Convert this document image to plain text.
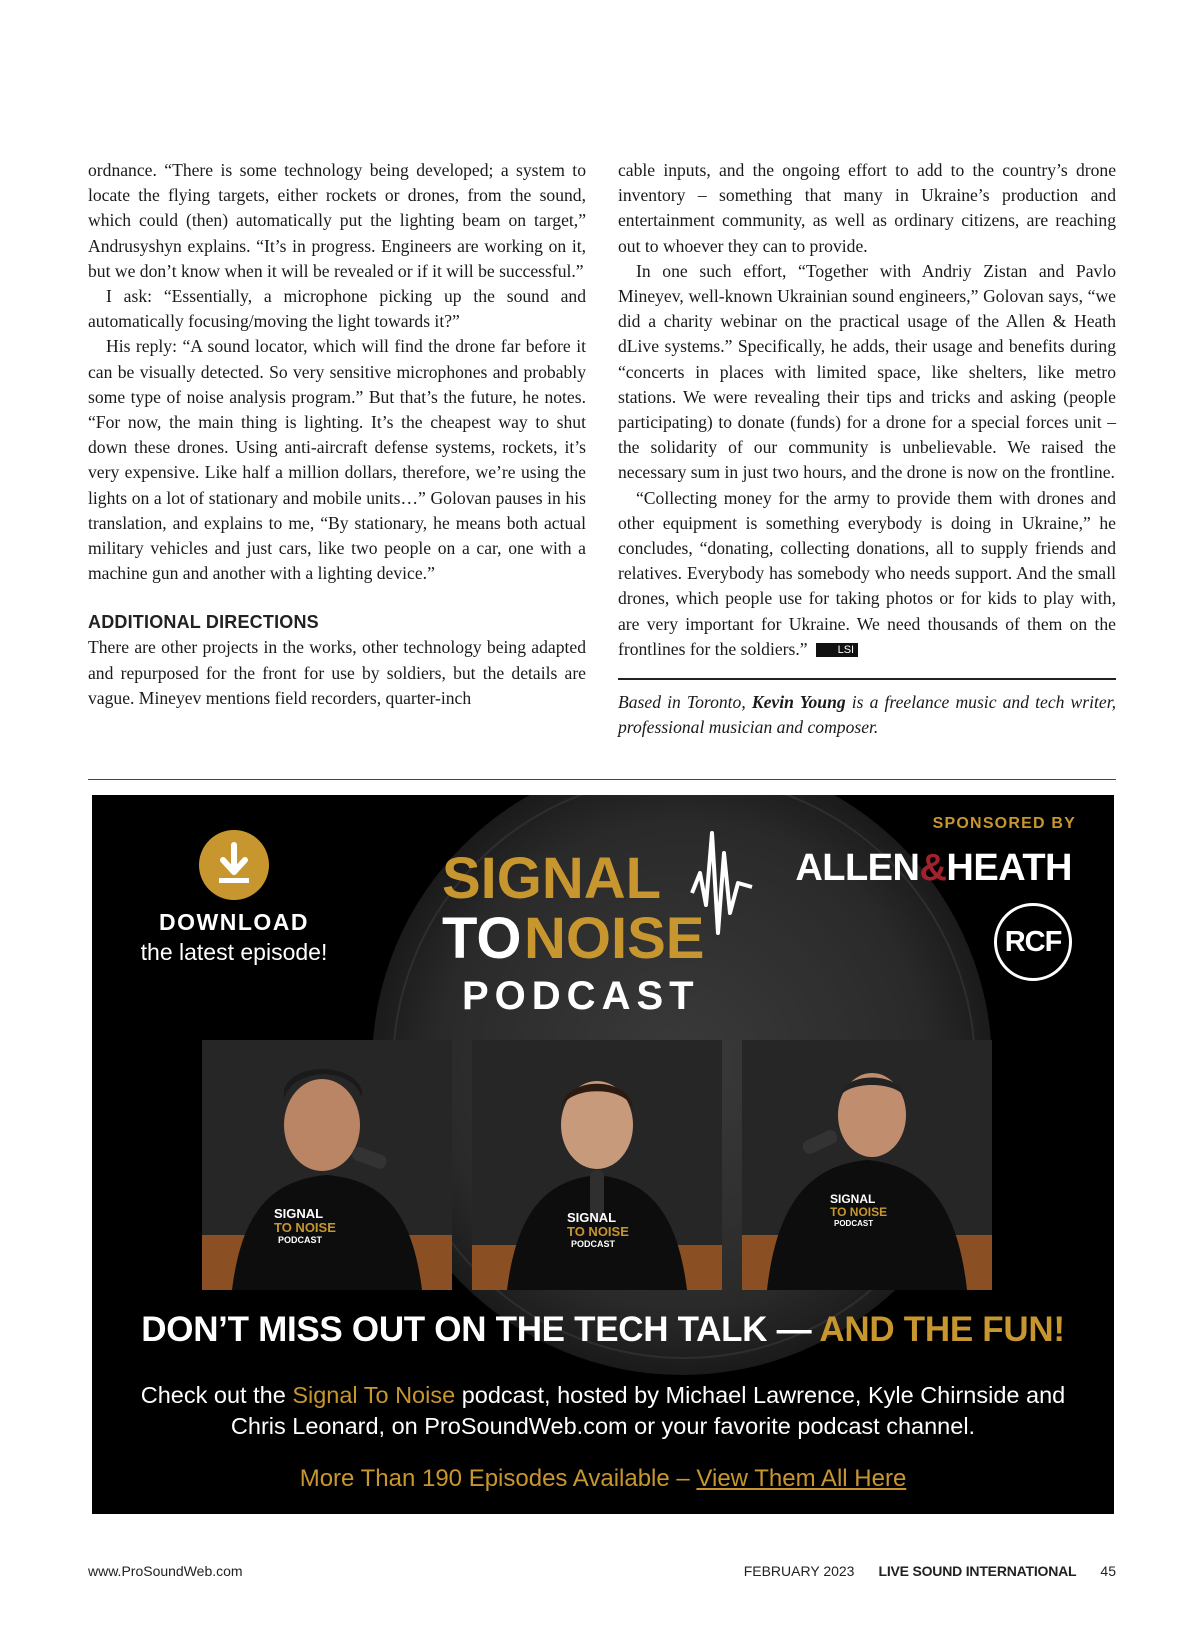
ordnance. “There is some technology being developed; a system to locate the flying targets, either rockets or drones, from the sound, which could (then) automatically put the lighting beam on target,” Andrusyshyn explains. “It’s in progress. Engineers are working on it, but we don’t know when it will be revealed or if it will be successful.”

I ask: “Essentially, a microphone picking up the sound and automatically focusing/moving the light towards it?”

His reply: “A sound locator, which will find the drone far before it can be visually detected. So very sensitive microphones and probably some type of noise analysis program.” But that’s the future, he notes. “For now, the main thing is lighting. It’s the cheapest way to shut down these drones. Using anti-aircraft defense systems, rockets, it’s very expensive. Like half a million dollars, therefore, we’re using the lights on a lot of stationary and mobile units…” Golovan pauses in his translation, and explains to me, “By stationary, he means both actual military vehicles and just cars, like two people on a car, one with a machine gun and another with a lighting device.”

ADDITIONAL DIRECTIONS

There are other projects in the works, other technology being adapted and repurposed for the front for use by soldiers, but the details are vague. Mineyev mentions field recorders, quarter-inch

cable inputs, and the ongoing effort to add to the country’s drone inventory – something that many in Ukraine’s production and entertainment community, as well as ordinary citizens, are reaching out to whoever they can to provide.

In one such effort, “Together with Andriy Zistan and Pavlo Mineyev, well-known Ukrainian sound engineers,” Golovan says, “we did a charity webinar on the practical usage of the Allen & Heath dLive systems.” Specifically, he adds, their usage and benefits during “concerts in places with limited space, like shelters, like metro stations. We were revealing their tips and tricks and asking (people participating) to donate (funds) for a drone for a special forces unit – the solidarity of our community is unbelievable. We raised the necessary sum in just two hours, and the drone is now on the frontline.

“Collecting money for the army to provide them with drones and other equipment is something everybody is doing in Ukraine,” he concludes, “donating, collecting donations, all to supply friends and relatives. Everybody has somebody who needs support. And the small drones, which people use for taking photos or for kids to play with, are very important for Ukraine. We need thousands of them on the frontlines for the soldiers.”	LSI

Based in Toronto, Kevin Young is a freelance music and tech writer, professional musician and composer.

DOWNLOAD
the latest episode!
SIGNAL
TO NOISE
PODCAST
SPONSORED BY
ALLEN&HEATH
RCF
SIGNAL
TO NOISE
PODCAST
SIGNAL
TO NOISE
PODCAST
SIGNAL
TO NOISE
PODCAST
DON’T MISS OUT ON THE TECH TALK — AND THE FUN!
Check out the Signal To Noise podcast, hosted by Michael Lawrence, Kyle Chirnside and Chris Leonard, on ProSoundWeb.com or your favorite podcast channel.
More Than 190 Episodes Available – View Them All Here
www.ProSoundWeb.com	FEBRUARY 2023 LIVE SOUND INTERNATIONAL 45
